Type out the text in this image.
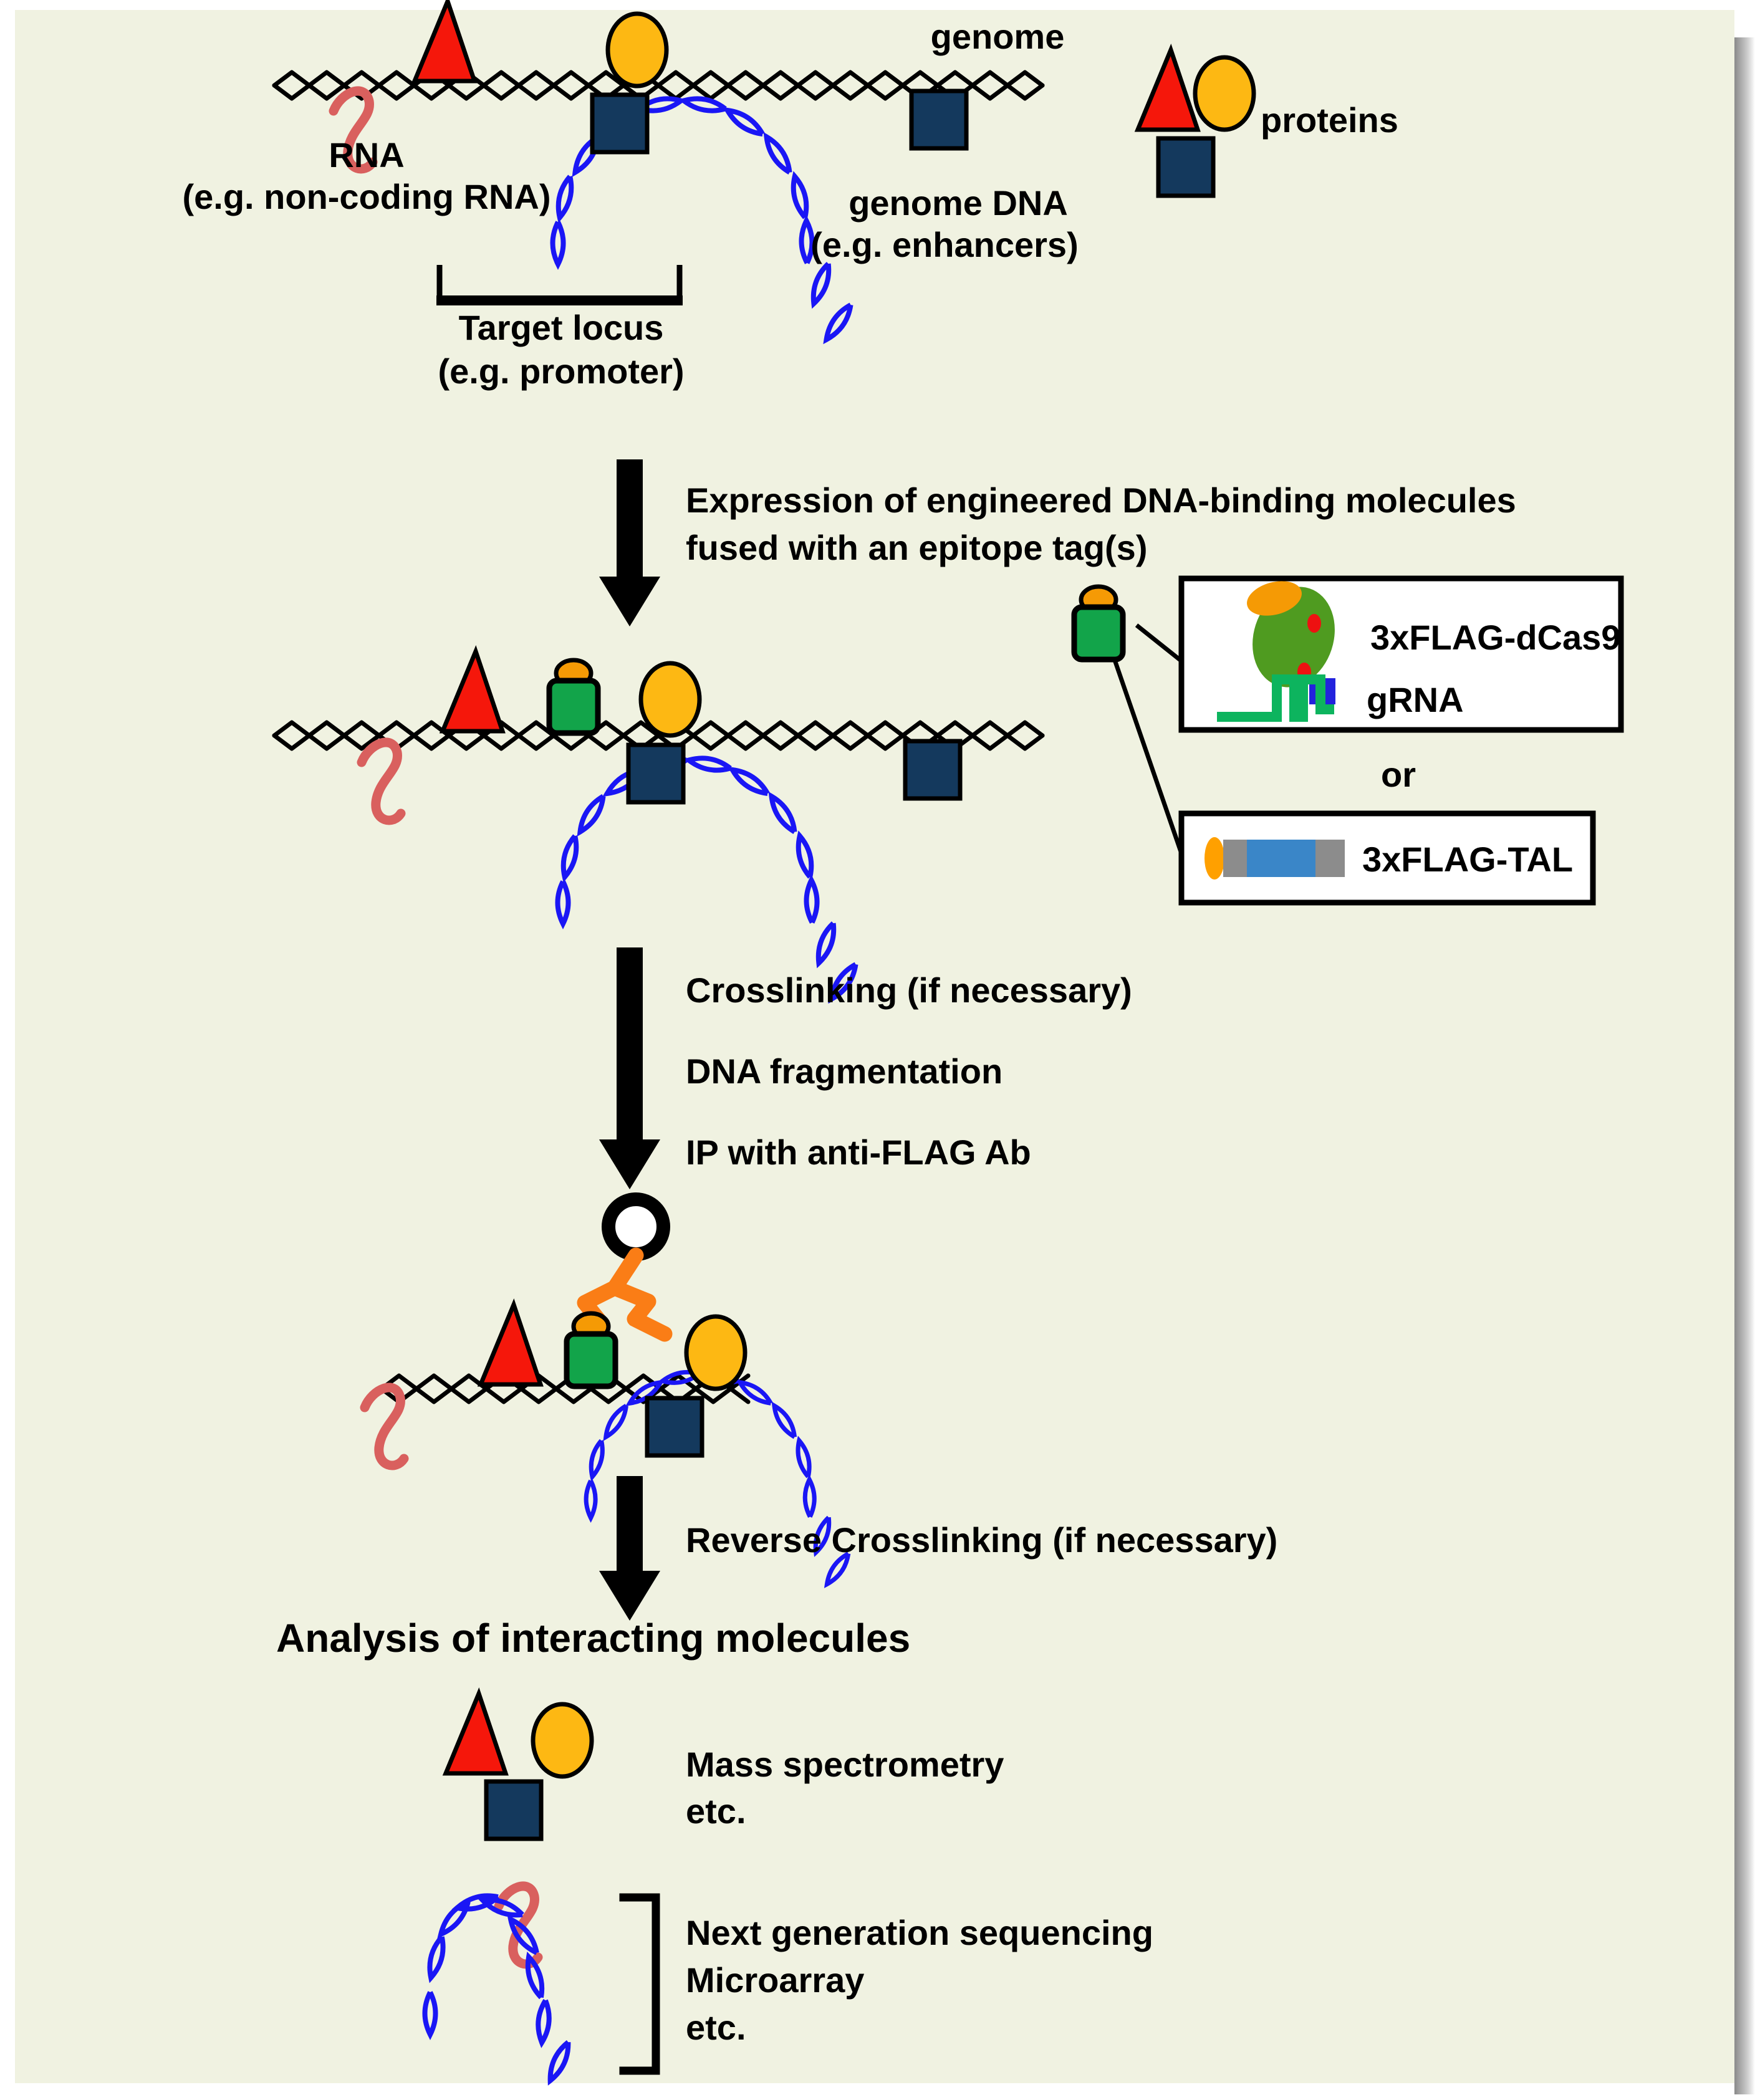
genome
RNA
(e.g. non-coding RNA)	genome DNA
(e.g. enhancers)
proteins
Target locus
(e.g. promoter)
Expression of engineered DNA-binding molecules
fused with an epitope tag(s)
3xFLAG-dCas9
gRNA
or
3xFLAG-TAL
Crosslinking (if necessary)
DNA fragmentation
IP with anti-FLAG Ab
Reverse Crosslinking (if necessary)
Analysis of interacting molecules
Mass spectrometry
etc.
Next generation sequencing
Microarray
etc.
